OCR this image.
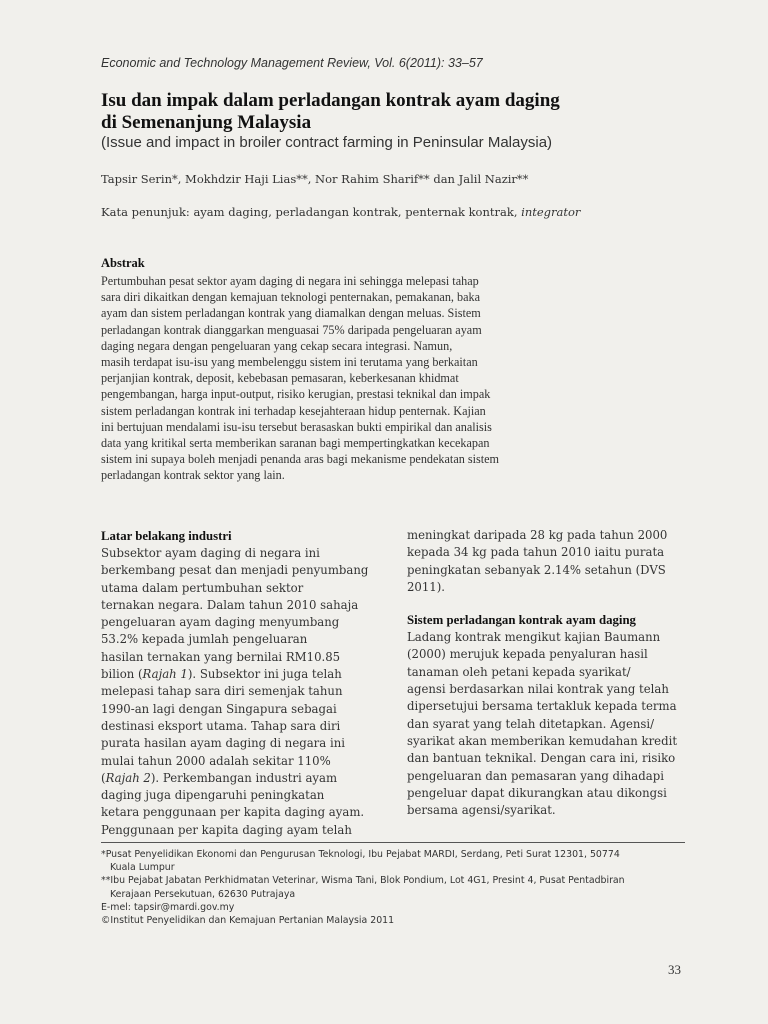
Economic and Technology Management Review, Vol. 6(2011): 33–57
Isu dan impak dalam perladangan kontrak ayam daging
di Semenanjung Malaysia
(Issue and impact in broiler contract farming in Peninsular Malaysia)
Tapsir Serin*, Mokhdzir Haji Lias**, Nor Rahim Sharif** dan Jalil Nazir**
Kata penunjuk: ayam daging, perladangan kontrak, penternak kontrak, integrator
Abstrak
Pertumbuhan pesat sektor ayam daging di negara ini sehingga melepasi tahap
sara diri dikaitkan dengan kemajuan teknologi penternakan, pemakanan, baka
ayam dan sistem perladangan kontrak yang diamalkan dengan meluas. Sistem
perladangan kontrak dianggarkan menguasai 75% daripada pengeluaran ayam
daging negara dengan pengeluaran yang cekap secara integrasi. Namun,
masih terdapat isu-isu yang membelenggu sistem ini terutama yang berkaitan
perjanjian kontrak, deposit, kebebasan pemasaran, keberkesanan khidmat
pengembangan, harga input-output, risiko kerugian, prestasi teknikal dan impak
sistem perladangan kontrak ini terhadap kesejahteraan hidup penternak. Kajian
ini bertujuan mendalami isu-isu tersebut berasaskan bukti empirikal dan analisis
data yang kritikal serta memberikan saranan bagi mempertingkatkan kecekapan
sistem ini supaya boleh menjadi penanda aras bagi mekanisme pendekatan sistem
perladangan kontrak sektor yang lain.
Latar belakang industri
Subsektor ayam daging di negara ini
berkembang pesat dan menjadi penyumbang
utama dalam pertumbuhan sektor
ternakan negara. Dalam tahun 2010 sahaja
pengeluaran ayam daging menyumbang
53.2% kepada jumlah pengeluaran
hasilan ternakan yang bernilai RM10.85
bilion (Rajah 1). Subsektor ini juga telah
melepasi tahap sara diri semenjak tahun
1990-an lagi dengan Singapura sebagai
destinasi eksport utama. Tahap sara diri
purata hasilan ayam daging di negara ini
mulai tahun 2000 adalah sekitar 110%
(Rajah 2). Perkembangan industri ayam
daging juga dipengaruhi peningkatan
ketara penggunaan per kapita daging ayam.
Penggunaan per kapita daging ayam telah
meningkat daripada 28 kg pada tahun 2000
kepada 34 kg pada tahun 2010 iaitu purata
peningkatan sebanyak 2.14% setahun (DVS
2011).
Sistem perladangan kontrak ayam daging
Ladang kontrak mengikut kajian Baumann
(2000) merujuk kepada penyaluran hasil
tanaman oleh petani kepada syarikat/
agensi berdasarkan nilai kontrak yang telah
dipersetujui bersama tertakluk kepada terma
dan syarat yang telah ditetapkan. Agensi/
syarikat akan memberikan kemudahan kredit
dan bantuan teknikal. Dengan cara ini, risiko
pengeluaran dan pemasaran yang dihadapi
pengeluar dapat dikurangkan atau dikongsi
bersama agensi/syarikat.
*Pusat Penyelidikan Ekonomi dan Pengurusan Teknologi, Ibu Pejabat MARDI, Serdang, Peti Surat 12301, 50774
Kuala Lumpur
**Ibu Pejabat Jabatan Perkhidmatan Veterinar, Wisma Tani, Blok Pondium, Lot 4G1, Presint 4, Pusat Pentadbiran
Kerajaan Persekutuan, 62630 Putrajaya
E-mel: tapsir@mardi.gov.my
©Institut Penyelidikan dan Kemajuan Pertanian Malaysia 2011
33
